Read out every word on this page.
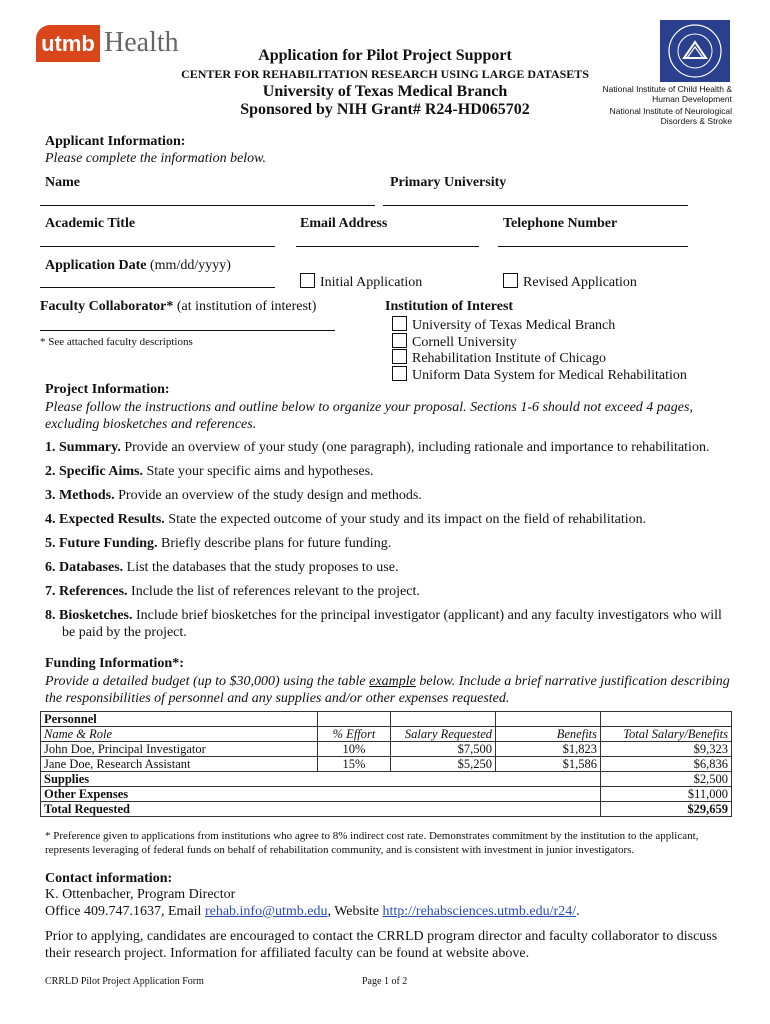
utmb Health	Application for Pilot Project Support
CENTER FOR REHABILITATION RESEARCH USING LARGE DATASETS
University of Texas Medical Branch
Sponsored by NIH Grant# R24-HD065702
National Institute of Child Health & Human Development
National Institute of Neurological Disorders & Stroke
Applicant Information:
Please complete the information below.
Name	Primary University
Academic Title	Email Address	Telephone Number
Application Date (mm/dd/yyyy)
Initial Application	Revised Application
Faculty Collaborator* (at institution of interest)
* See attached faculty descriptions
Institution of Interest
University of Texas Medical Branch
Cornell University
Rehabilitation Institute of Chicago
Uniform Data System for Medical Rehabilitation
Project Information:
Please follow the instructions and outline below to organize your proposal. Sections 1-6 should not exceed 4 pages, excluding biosketches and references.
1. Summary. Provide an overview of your study (one paragraph), including rationale and importance to rehabilitation.
2. Specific Aims. State your specific aims and hypotheses.
3. Methods. Provide an overview of the study design and methods.
4. Expected Results. State the expected outcome of your study and its impact on the field of rehabilitation.
5. Future Funding. Briefly describe plans for future funding.
6. Databases. List the databases that the study proposes to use.
7. References. Include the list of references relevant to the project.
8. Biosketches. Include brief biosketches for the principal investigator (applicant) and any faculty investigators who will be paid by the project.
Funding Information*:
Provide a detailed budget (up to $30,000) using the table example below. Include a brief narrative justification describing the responsibilities of personnel and any supplies and/or other expenses requested.
Personnel				
Name & Role	% Effort	Salary Requested	Benefits	Total Salary/Benefits
John Doe, Principal Investigator	10%	$7,500	$1,823	$9,323
Jane Doe, Research Assistant	15%	$5,250	$1,586	$6,836
Supplies				$2,500
Other Expenses				$11,000
Total Requested				$29,659
* Preference given to applications from institutions who agree to 8% indirect cost rate. Demonstrates commitment by the institution to the applicant, represents leveraging of federal funds on behalf of rehabilitation community, and is consistent with investment in junior investigators.
Contact information:
K. Ottenbacher, Program Director
Office 409.747.1637, Email rehab.info@utmb.edu, Website http://rehabsciences.utmb.edu/r24/.
Prior to applying, candidates are encouraged to contact the CRRLD program director and faculty collaborator to discuss their research project. Information for affiliated faculty can be found at website above.
CRRLD Pilot Project Application Form	Page 1 of 2
